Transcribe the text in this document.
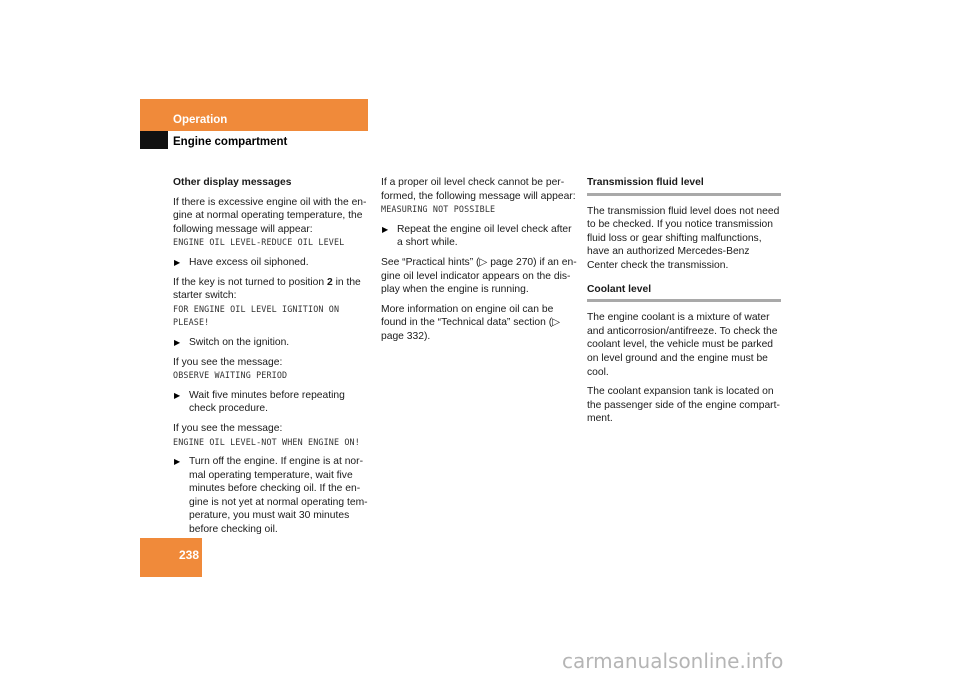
Operation
Engine compartment

Other display messages

If there is excessive engine oil with the en-gine at normal operating temperature, the following message will appear:
ENGINE OIL LEVEL-REDUCE OIL LEVEL

▶ Have excess oil siphoned.

If the key is not turned to position 2 in the starter switch:
FOR ENGINE OIL LEVEL IGNITION ON PLEASE!

▶ Switch on the ignition.

If you see the message:
OBSERVE WAITING PERIOD

▶ Wait five minutes before repeating check procedure.

If you see the message:
ENGINE OIL LEVEL-NOT WHEN ENGINE ON!

▶ Turn off the engine. If engine is at nor-mal operating temperature, wait five minutes before checking oil. If the en-gine is not yet at normal operating tem-perature, you must wait 30 minutes before checking oil.

If a proper oil level check cannot be per-formed, the following message will appear:
MEASURING NOT POSSIBLE

▶ Repeat the engine oil level check after a short while.

See “Practical hints” (▷ page 270) if an en-gine oil level indicator appears on the dis-play when the engine is running.

More information on engine oil can be found in the “Technical data” section (▷ page 332).

Transmission fluid level

The transmission fluid level does not need to be checked. If you notice transmission fluid loss or gear shifting malfunctions, have an authorized Mercedes-Benz Center check the transmission.

Coolant level

The engine coolant is a mixture of water and anticorrosion/antifreeze. To check the coolant level, the vehicle must be parked on level ground and the engine must be cool.

The coolant expansion tank is located on the passenger side of the engine compart-ment.

238
carmanualsonline.info
